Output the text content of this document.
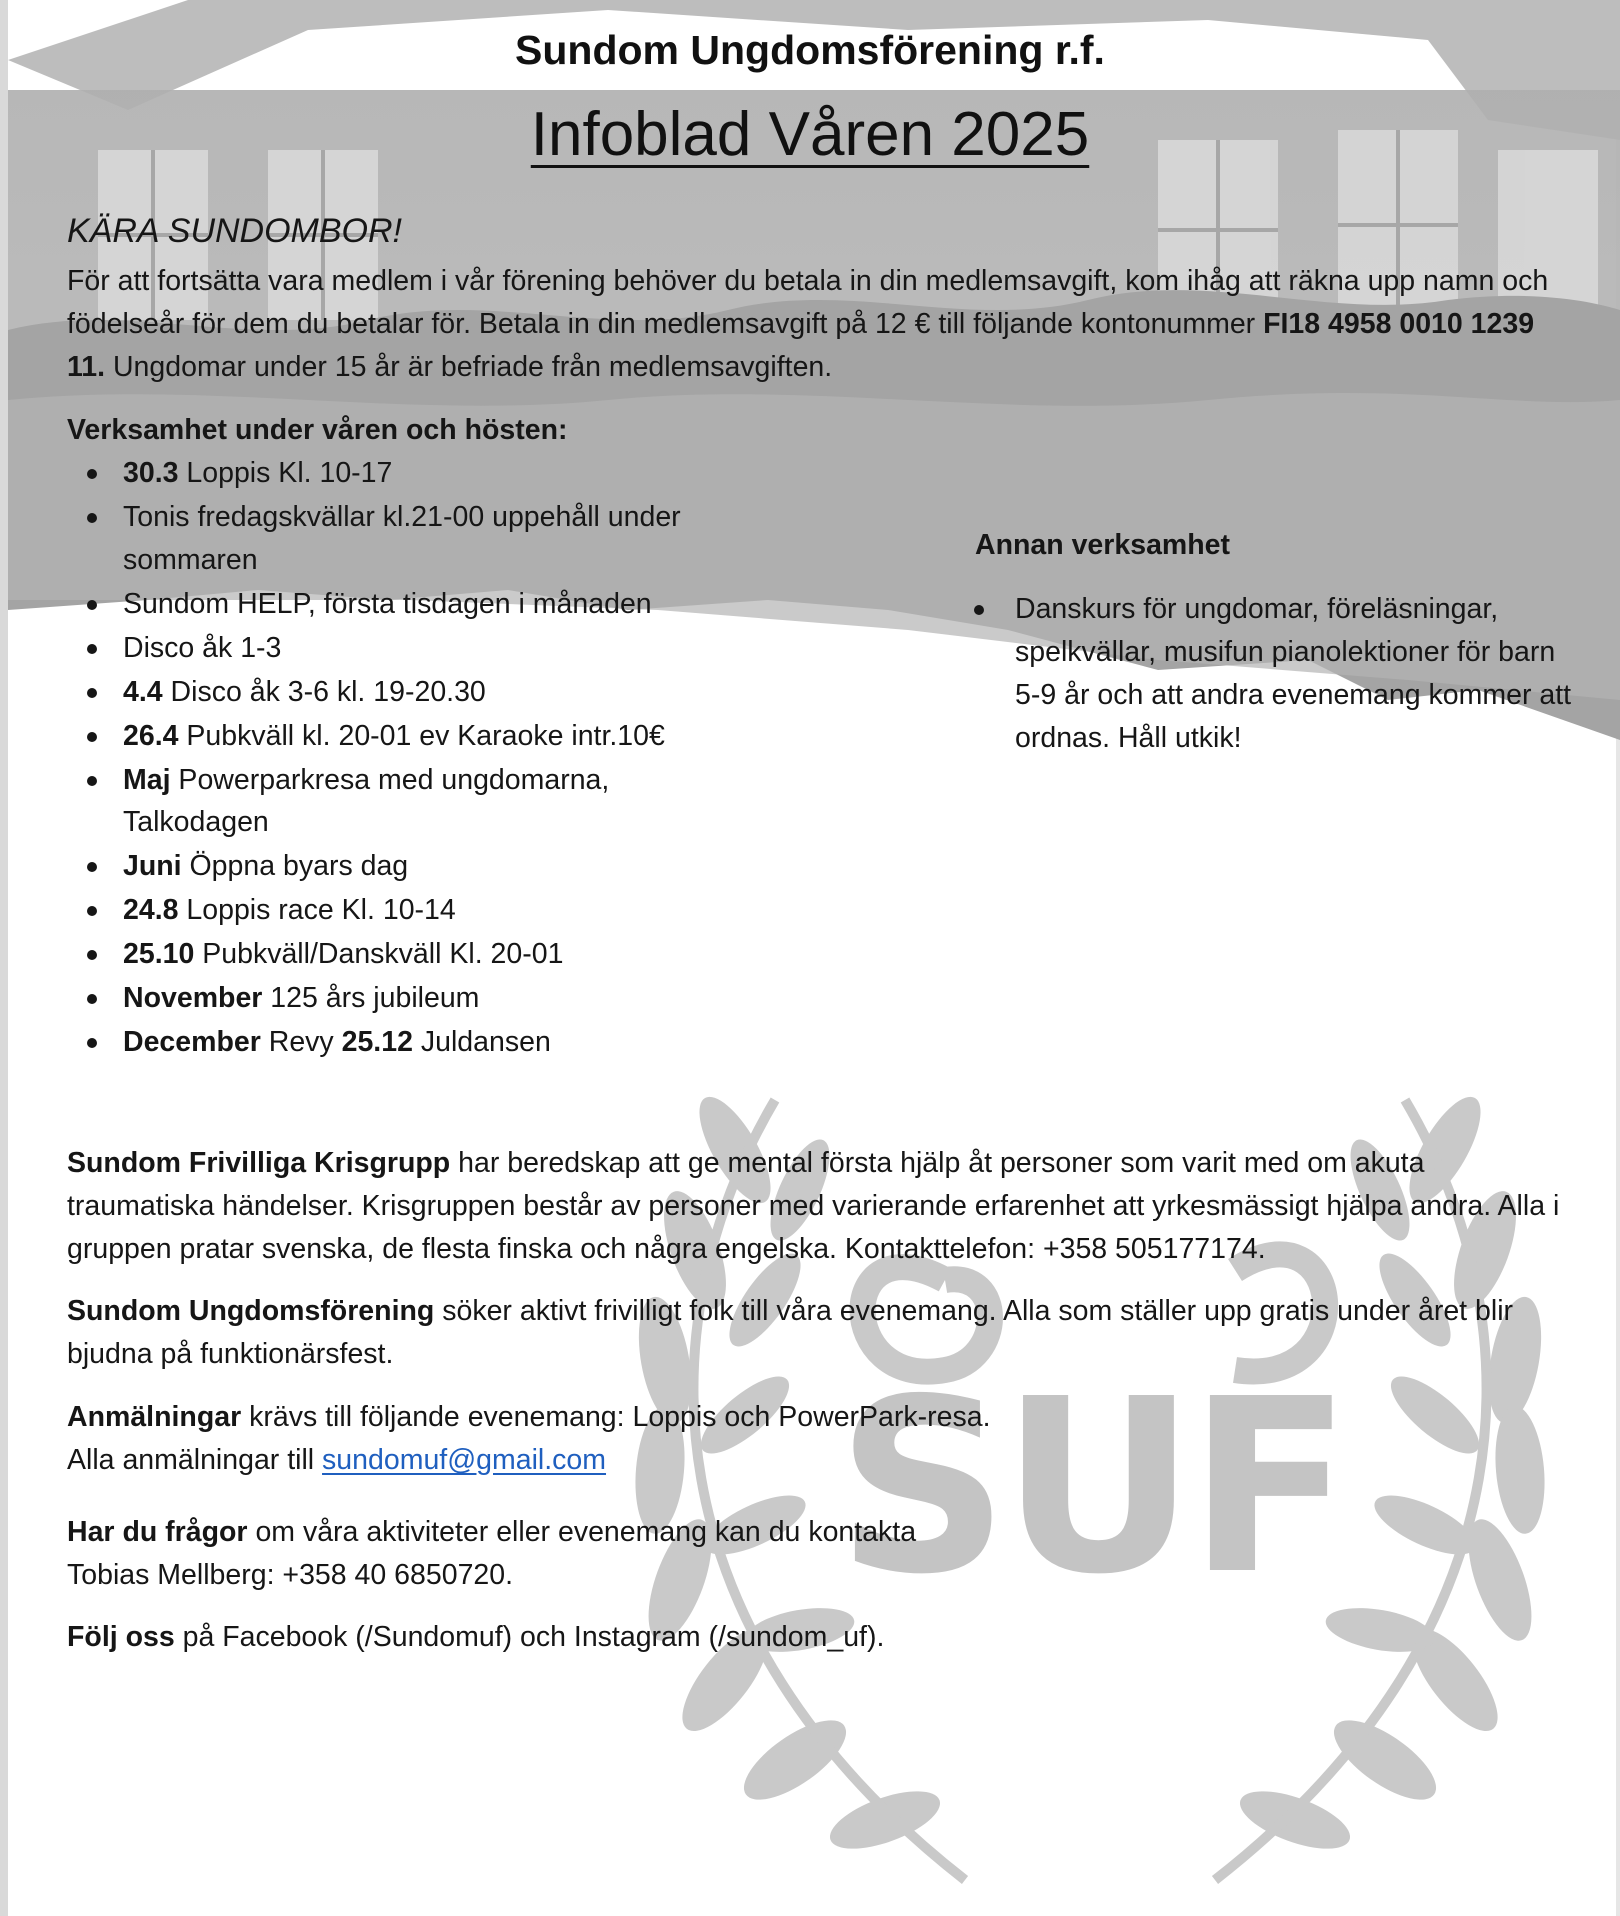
SUF
Sundom Ungdomsförening r.f.
Infoblad Våren 2025
KÄRA SUNDOMBOR!
För att fortsätta vara medlem i vår förening behöver du betala in din medlemsavgift, kom ihåg att räkna upp namn och födelseår för dem du betalar för. Betala in din medlemsavgift på 12 € till följande kontonummer FI18 4958 0010 1239 11. Ungdomar under 15 år är befriade från medlemsavgiften.
Verksamhet under våren och hösten:
30.3 Loppis Kl. 10-17
Tonis fredagskvällar kl.21-00 uppehåll under sommaren
Sundom HELP, första tisdagen i månaden
Disco åk 1-3
4.4 Disco åk 3-6 kl. 19-20.30
26.4 Pubkväll kl. 20-01 ev Karaoke intr.10€
Maj Powerparkresa med ungdomarna, Talkodagen
Juni Öppna byars dag
24.8 Loppis race Kl. 10-14
25.10 Pubkväll/Danskväll Kl. 20-01
November 125 års jubileum
December Revy 25.12 Juldansen
Annan verksamhet
Danskurs för ungdomar, föreläsningar, spelkvällar, musifun pianolektioner för barn 5-9 år och att andra evenemang kommer att ordnas. Håll utkik!
Sundom Frivilliga Krisgrupp har beredskap att ge mental första hjälp åt personer som varit med om akuta traumatiska händelser. Krisgruppen består av personer med varierande erfarenhet att yrkesmässigt hjälpa andra. Alla i gruppen pratar svenska, de flesta finska och några engelska. Kontakttelefon: +358 505177174.
Sundom Ungdomsförening söker aktivt frivilligt folk till våra evenemang. Alla som ställer upp gratis under året blir bjudna på funktionärsfest.
Anmälningar krävs till följande evenemang: Loppis och PowerPark-resa.
Alla anmälningar till sundomuf@gmail.com
Har du frågor om våra aktiviteter eller evenemang kan du kontakta
Tobias Mellberg: +358 40 6850720.
Följ oss på Facebook (/Sundomuf) och Instagram (/sundom_uf).
